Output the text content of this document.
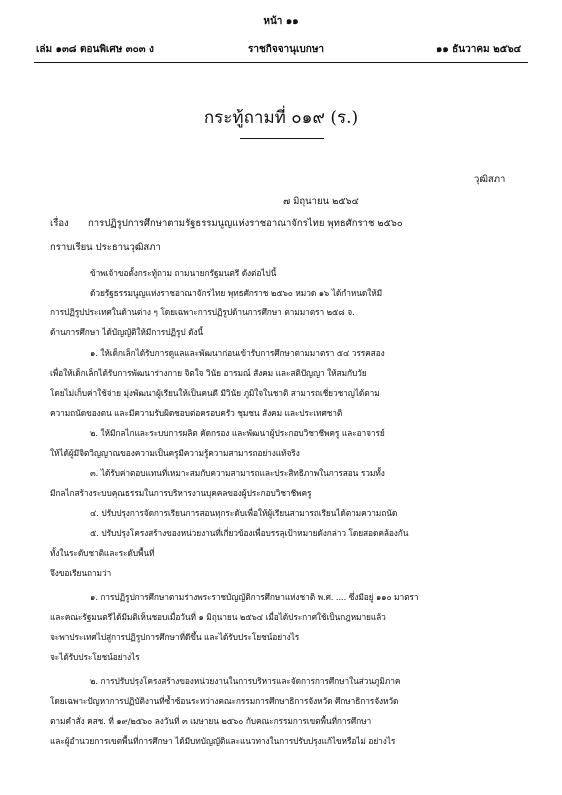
หน้า ๑๑
เล่ม ๑๓๘ ตอนพิเศษ ๓๐๓ ง	ราชกิจจานุเบกษา	๑๑ ธันวาคม ๒๕๖๔
กระทู้ถามที่ ๐๑๙ (ร.)
วุฒิสภา
๗ มิถุนายน ๒๕๖๔
เรื่อง การปฏิรูปการศึกษาตามรัฐธรรมนูญแห่งราชอาณาจักรไทย พุทธศักราช ๒๕๖๐
กราบเรียน ประธานวุฒิสภา
ข้าพเจ้าขอตั้งกระทู้ถาม ถามนายกรัฐมนตรี ดังต่อไปนี้
ด้วยรัฐธรรมนูญแห่งราชอาณาจักรไทย พุทธศักราช ๒๕๖๐ หมวด ๑๖ ได้กำหนดให้มี
การปฏิรูปประเทศในด้านต่าง ๆ โดยเฉพาะการปฏิรูปด้านการศึกษา ตามมาตรา ๒๕๘ จ.
ด้านการศึกษา ได้บัญญัติให้มีการปฏิรูป ดังนี้
๑. ให้เด็กเล็กได้รับการดูแลและพัฒนาก่อนเข้ารับการศึกษาตามมาตรา ๕๔ วรรคสอง
เพื่อให้เด็กเล็กได้รับการพัฒนาร่างกาย จิตใจ วินัย อารมณ์ สังคม และสติปัญญา ให้สมกับวัย
โดยไม่เก็บค่าใช้จ่าย มุ่งพัฒนาผู้เรียนให้เป็นคนดี มีวินัย ภูมิใจในชาติ สามารถเชี่ยวชาญได้ตาม
ความถนัดของตน และมีความรับผิดชอบต่อครอบครัว ชุมชน สังคม และประเทศชาติ
๒. ให้มีกลไกและระบบการผลิต คัดกรอง และพัฒนาผู้ประกอบวิชาชีพครู และอาจารย์
ให้ได้ผู้มีจิตวิญญาณของความเป็นครูมีความรู้ความสามารถอย่างแท้จริง
๓. ได้รับค่าตอบแทนที่เหมาะสมกับความสามารถและประสิทธิภาพในการสอน รวมทั้ง
มีกลไกสร้างระบบคุณธรรมในการบริหารงานบุคคลของผู้ประกอบวิชาชีพครู
๔. ปรับปรุงการจัดการเรียนการสอนทุกระดับเพื่อให้ผู้เรียนสามารถเรียนได้ตามความถนัด
๕. ปรับปรุงโครงสร้างของหน่วยงานที่เกี่ยวข้องเพื่อบรรลุเป้าหมายดังกล่าว โดยสอดคล้องกัน
ทั้งในระดับชาติและระดับพื้นที่
จึงขอเรียนถามว่า
๑. การปฏิรูปการศึกษาตามร่างพระราชบัญญัติการศึกษาแห่งชาติ พ.ศ. .... ซึ่งมีอยู่ ๑๑๐ มาตรา
และคณะรัฐมนตรีได้มีมติเห็นชอบเมื่อวันที่ ๑ มิถุนายน ๒๕๖๔ เมื่อได้ประกาศใช้เป็นกฎหมายแล้ว
จะพาประเทศไปสู่การปฏิรูปการศึกษาที่ดีขึ้น และได้รับประโยชน์อย่างไร
จะได้รับประโยชน์อย่างไร
๒. การปรับปรุงโครงสร้างของหน่วยงานในการบริหารและจัดการการศึกษาในส่วนภูมิภาค
โดยเฉพาะปัญหาการปฏิบัติงานที่ซ้ำซ้อนระหว่างคณะกรรมการศึกษาธิการจังหวัด ศึกษาธิการจังหวัด
ตามคำสั่ง คสช. ที่ ๑๙/๒๕๖๐ ลงวันที่ ๓ เมษายน ๒๕๖๐ กับคณะกรรมการเขตพื้นที่การศึกษา
และผู้อำนวยการเขตพื้นที่การศึกษา ได้มีบทบัญญัติและแนวทางในการปรับปรุงแก้ไขหรือไม่ อย่างไร
